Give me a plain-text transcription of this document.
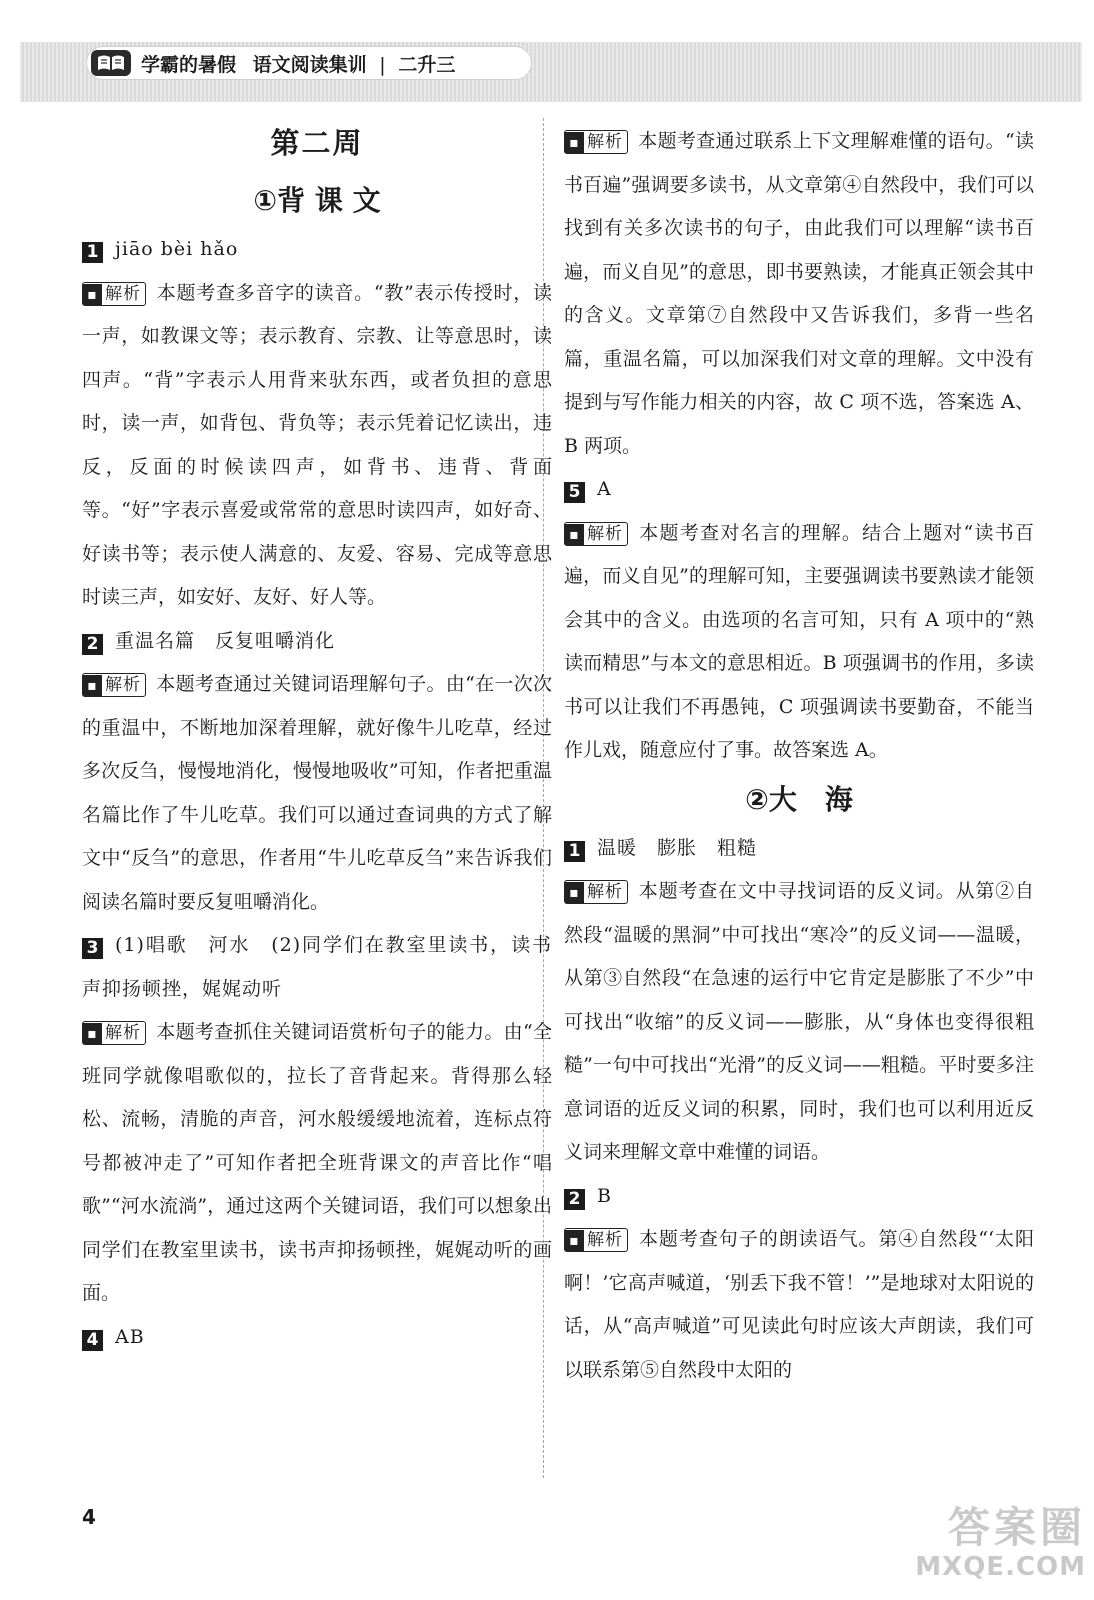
学霸的暑假 语文阅读集训 | 二升三
第二周
①背 课 文

1 jiāo bèi hǎo

▪ 解析 本题考查多音字的读音。“教”表示传授时，读一声，如教课文等；表示教育、宗教、让等意思时，读四声。“背”字表示人用背来驮东西，或者负担的意思时，读一声，如背包、背负等；表示凭着记忆读出，违反，反面的时候读四声，如背书、违背、背面等。“好”字表示喜爱或常常的意思时读四声，如好奇、好读书等；表示使人满意的、友爱、容易、完成等意思时读三声，如安好、友好、好人等。

2 重温名篇　反复咀嚼消化

▪ 解析 本题考查通过关键词语理解句子。由“在一次次的重温中，不断地加深着理解，就好像牛儿吃草，经过多次反刍，慢慢地消化，慢慢地吸收”可知，作者把重温名篇比作了牛儿吃草。我们可以通过查词典的方式了解文中“反刍”的意思，作者用“牛儿吃草反刍”来告诉我们阅读名篇时要反复咀嚼消化。

3 (1)唱歌　河水　(2)同学们在教室里读书，读书声抑扬顿挫，娓娓动听

▪ 解析 本题考查抓住关键词语赏析句子的能力。由“全班同学就像唱歌似的，拉长了音背起来。背得那么轻松、流畅，清脆的声音，河水般缓缓地流着，连标点符号都被冲走了”可知作者把全班背课文的声音比作“唱歌”“河水流淌”，通过这两个关键词语，我们可以想象出同学们在教室里读书，读书声抑扬顿挫，娓娓动听的画面。

4 AB

▪ 解析 本题考查通过联系上下文理解难懂的语句。“读书百遍”强调要多读书，从文章第④自然段中，我们可以找到有关多次读书的句子，由此我们可以理解“读书百遍，而义自见”的意思，即书要熟读，才能真正领会其中的含义。文章第⑦自然段中又告诉我们，多背一些名篇，重温名篇，可以加深我们对文章的理解。文中没有提到与写作能力相关的内容，故 C 项不选，答案选 A、B 两项。

5 A

▪ 解析 本题考查对名言的理解。结合上题对“读书百遍，而义自见”的理解可知，主要强调读书要熟读才能领会其中的含义。由选项的名言可知，只有 A 项中的“熟读而精思”与本文的意思相近。B 项强调书的作用，多读书可以让我们不再愚钝，C 项强调读书要勤奋，不能当作儿戏，随意应付了事。故答案选 A。

②大　海

1 温暖　膨胀　粗糙

▪ 解析 本题考查在文中寻找词语的反义词。从第②自然段“温暖的黑洞”中可找出“寒冷”的反义词——温暖，从第③自然段“在急速的运行中它肯定是膨胀了不少”中可找出“收缩”的反义词——膨胀，从“身体也变得很粗糙”一句中可找出“光滑”的反义词——粗糙。平时要多注意词语的近反义词的积累，同时，我们也可以利用近反义词来理解文章中难懂的词语。

2 B

▪ 解析 本题考查句子的朗读语气。第④自然段“‘太阳啊！’它高声喊道，‘别丢下我不管！’”是地球对太阳说的话，从“高声喊道”可见读此句时应该大声朗读，我们可以联系第⑤自然段中太阳的

4	答案圈
MXQE.COM
